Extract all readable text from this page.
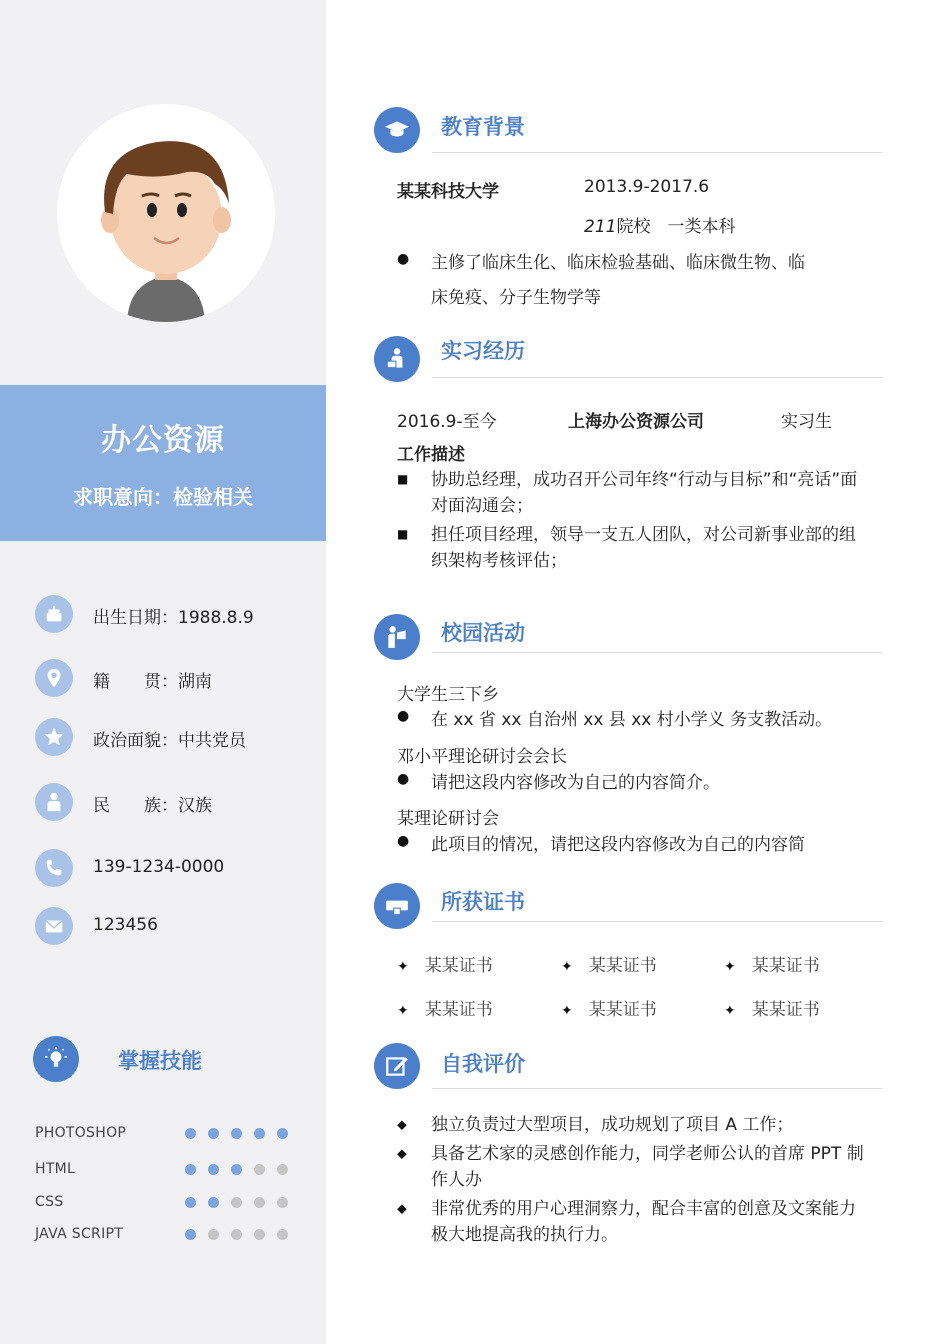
办公资源
求职意向：检验相关
出生日期：1988.8.9
籍　　贯：湖南
政治面貌：中共党员
民　　族：汉族
139-1234-0000
123456
掌握技能
PHOTOSHOP
HTML
CSS
JAVA SCRIPT
教育背景
某某科技大学	2013.9-2017.6
211院校　一类本科
● 主修了临床生化、临床检验基础、临床微生物、临
床免疫、分子生物学等
实习经历
2016.9-至今	上海办公资源公司	实习生
工作描述
■ 协助总经理，成功召开公司年终“行动与目标”和“亮话”面对面沟通会；
■ 担任项目经理，领导一支五人团队，对公司新事业部的组织架构考核评估；
校园活动
大学生三下乡
● 在 xx 省 xx 自治州 xx 县 xx 村小学义 务支教活动。
邓小平理论研讨会会长
● 请把这段内容修改为自己的内容简介。
某理论研讨会
● 此项目的情况，请把这段内容修改为自己的内容简
所获证书
✦ 某某证书	✦ 某某证书	✦ 某某证书
✦ 某某证书	✦ 某某证书	✦ 某某证书
自我评价
⬥ 独立负责过大型项目，成功规划了项目 A 工作；
⬥ 具备艺术家的灵感创作能力，同学老师公认的首席 PPT 制作人办
⬥ 非常优秀的用户心理洞察力，配合丰富的创意及文案能力极大地提高我的执行力。
